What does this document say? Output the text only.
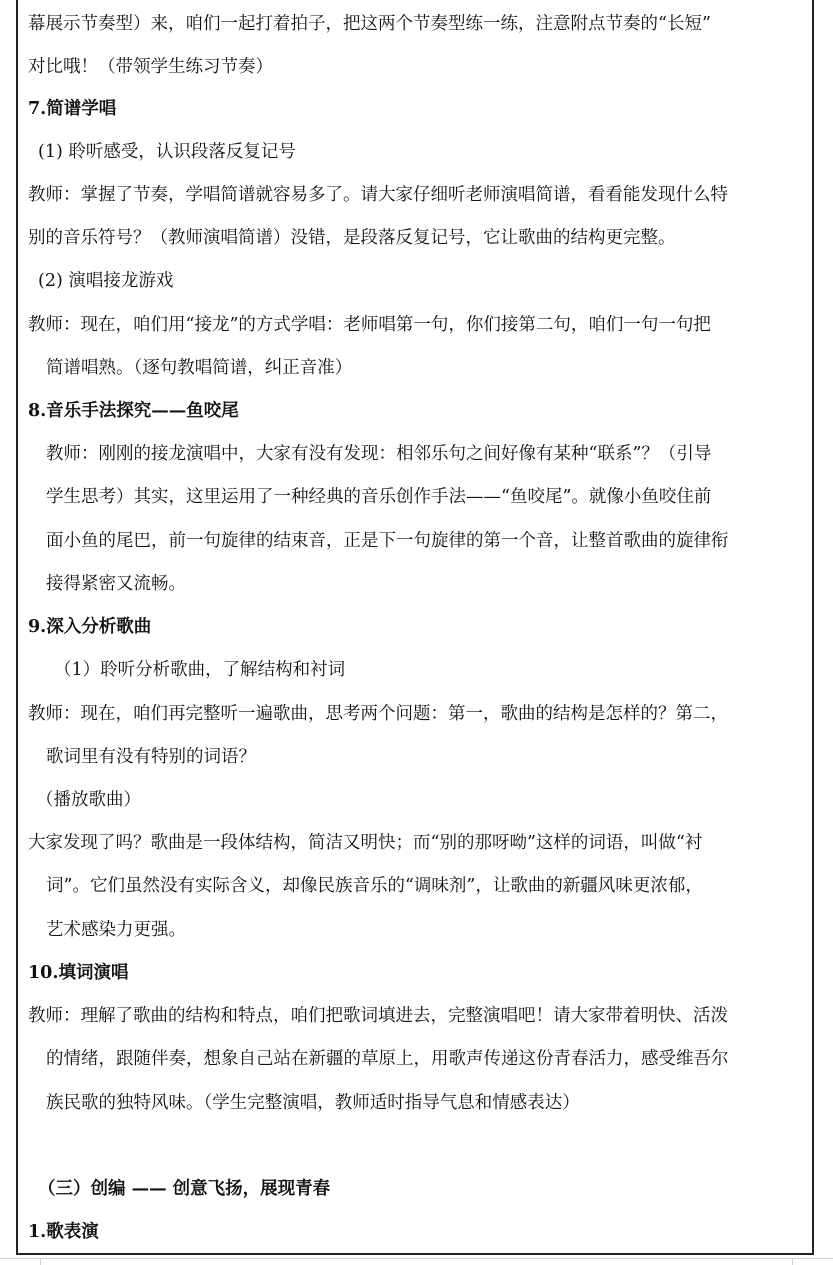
幕展示节奏型）来，咱们一起打着拍子，把这两个节奏型练一练，注意附点节奏的“长短”
对比哦！（带领学生练习节奏）
7.简谱学唱
(1) 聆听感受，认识段落反复记号
教师：掌握了节奏，学唱简谱就容易多了。请大家仔细听老师演唱简谱，看看能发现什么特
别的音乐符号？（教师演唱简谱）没错，是段落反复记号，它让歌曲的结构更完整。
(2) 演唱接龙游戏
教师：现在，咱们用“接龙”的方式学唱：老师唱第一句，你们接第二句，咱们一句一句把
简谱唱熟。（逐句教唱简谱，纠正音准）
8.音乐手法探究——鱼咬尾
教师：刚刚的接龙演唱中，大家有没有发现：相邻乐句之间好像有某种“联系”？（引导
学生思考）其实，这里运用了一种经典的音乐创作手法——“鱼咬尾”。就像小鱼咬住前
面小鱼的尾巴，前一句旋律的结束音，正是下一句旋律的第一个音，让整首歌曲的旋律衔
接得紧密又流畅。
9.深入分析歌曲
（1）聆听分析歌曲，了解结构和衬词
教师：现在，咱们再完整听一遍歌曲，思考两个问题：第一，歌曲的结构是怎样的？第二，
歌词里有没有特别的词语？
（播放歌曲）
大家发现了吗？歌曲是一段体结构，简洁又明快；而“别的那呀呦”这样的词语，叫做“衬
词”。它们虽然没有实际含义，却像民族音乐的“调味剂”，让歌曲的新疆风味更浓郁，
艺术感染力更强。
10.填词演唱
教师：理解了歌曲的结构和特点，咱们把歌词填进去，完整演唱吧！请大家带着明快、活泼
的情绪，跟随伴奏，想象自己站在新疆的草原上，用歌声传递这份青春活力，感受维吾尔
族民歌的独特风味。（学生完整演唱，教师适时指导气息和情感表达）
（三）创编 —— 创意飞扬，展现青春
1.歌表演
